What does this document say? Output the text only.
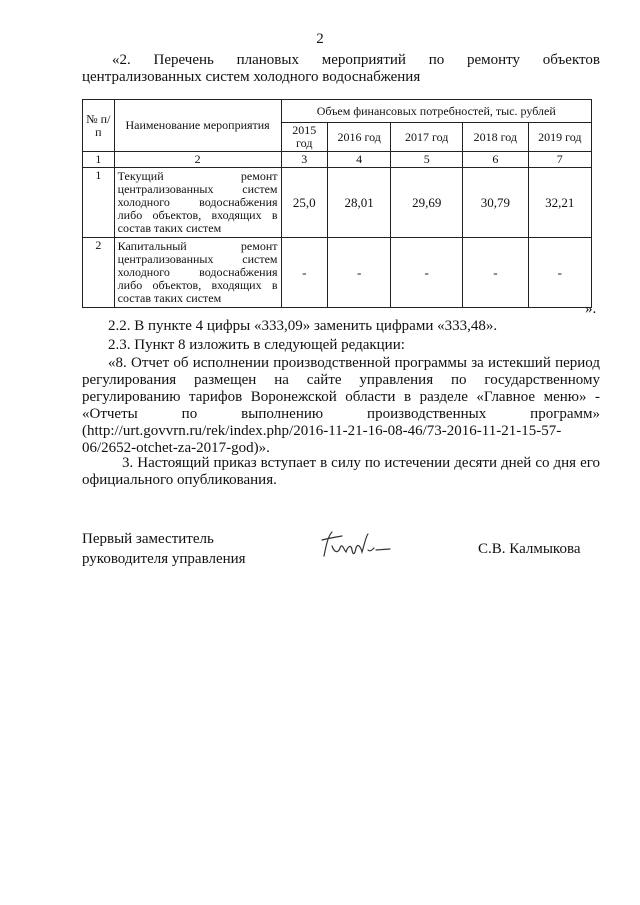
2
«2. Перечень плановых мероприятий по ремонту объектов
централизованных систем холодного водоснабжения
№ п/п	Наименование мероприятия	Объем финансовых потребностей, тыс. рублей				
		2015 год	2016 год	2017 год	2018 год	2019 год
1	2	3	4	5	6	7
1	Текущий ремонт централизованных систем холодного водоснабжения либо объектов, входящих в состав таких систем	25,0	28,01	29,69	30,79	32,21
2	Капитальный ремонт централизованных систем холодного водоснабжения либо объектов, входящих в состав таких систем	-	-	-	-	-
».
2.2. В пункте 4 цифры «333,09» заменить цифрами «333,48».
2.3. Пункт 8 изложить в следующей редакции:
«8. Отчет об исполнении производственной программы за истекший период регулирования размещен на сайте управления по государственному регулированию тарифов Воронежской области в разделе «Главное меню» - «Отчеты по выполнению производственных программ» (http://urt.govvrn.ru/rek/index.php/2016-11-21-16-08-46/73-2016-11-21-15-57-06/2652-otchet-za-2017-god)».
3. Настоящий приказ вступает в силу по истечении десяти дней со дня его официального опубликования.
Первый заместитель
руководителя управления
С.В. Калмыкова
